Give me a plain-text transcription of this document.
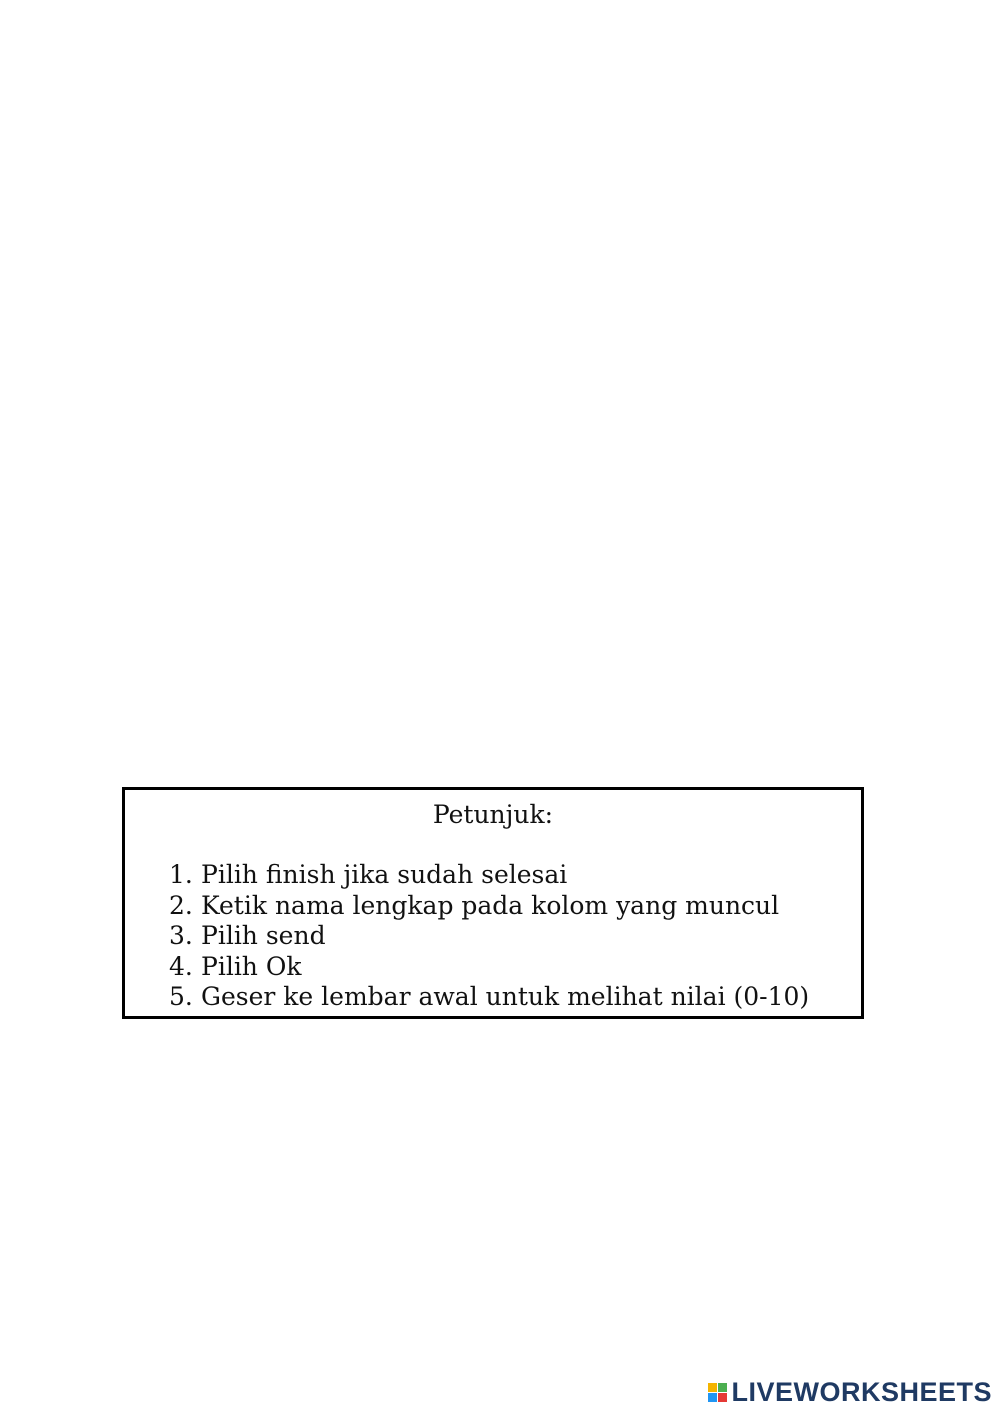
Petunjuk:
1. Pilih finish jika sudah selesai
2. Ketik nama lengkap pada kolom yang muncul
3. Pilih send
4. Pilih Ok
5. Geser ke lembar awal untuk melihat nilai (0-10)
LIVEWORKSHEETS
